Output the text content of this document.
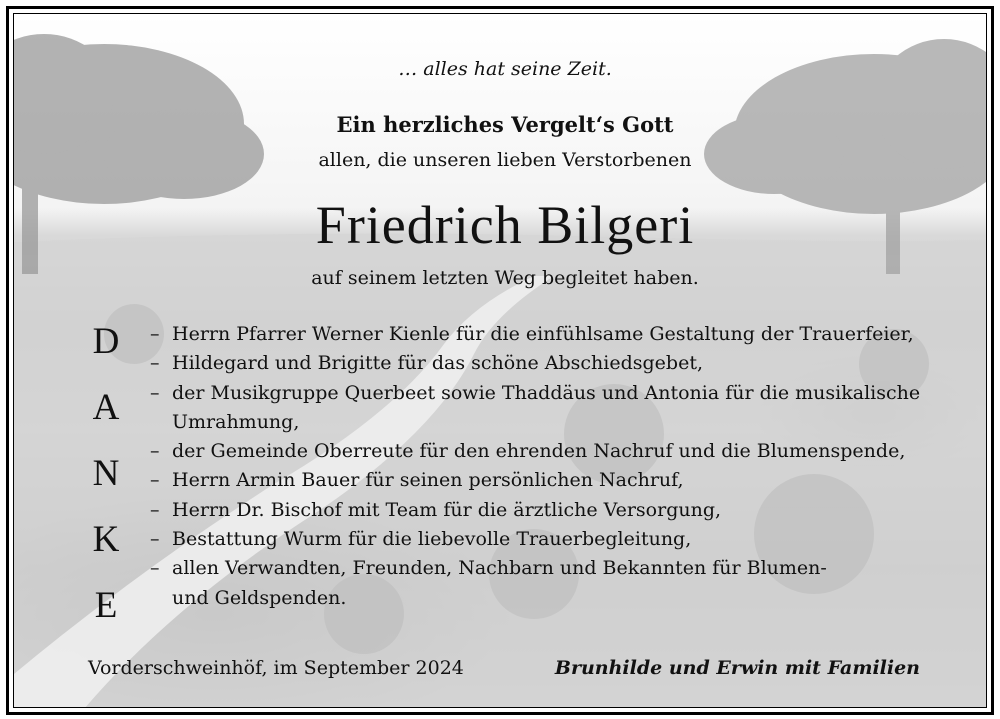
… alles hat seine Zeit.
Ein herzliches Vergelt‘s Gott
allen, die unseren lieben Verstorbenen
Friedrich Bilgeri
auf seinem letzten Weg begleitet haben.
D
A
N
K
E
– Herrn Pfarrer Werner Kienle für die einfühlsame Gestaltung der Trauerfeier,
– Hildegard und Brigitte für das schöne Abschiedsgebet,
– der Musikgruppe Querbeet sowie Thaddäus und Antonia für die musikalische
Umrahmung,
– der Gemeinde Oberreute für den ehrenden Nachruf und die Blumenspende,
– Herrn Armin Bauer für seinen persönlichen Nachruf,
– Herrn Dr. Bischof mit Team für die ärztliche Versorgung,
– Bestattung Wurm für die liebevolle Trauerbegleitung,
– allen Verwandten, Freunden, Nachbarn und Bekannten für Blumen-
und Geldspenden.
Vorderschweinhöf, im September 2024	Brunhilde und Erwin mit Familien
